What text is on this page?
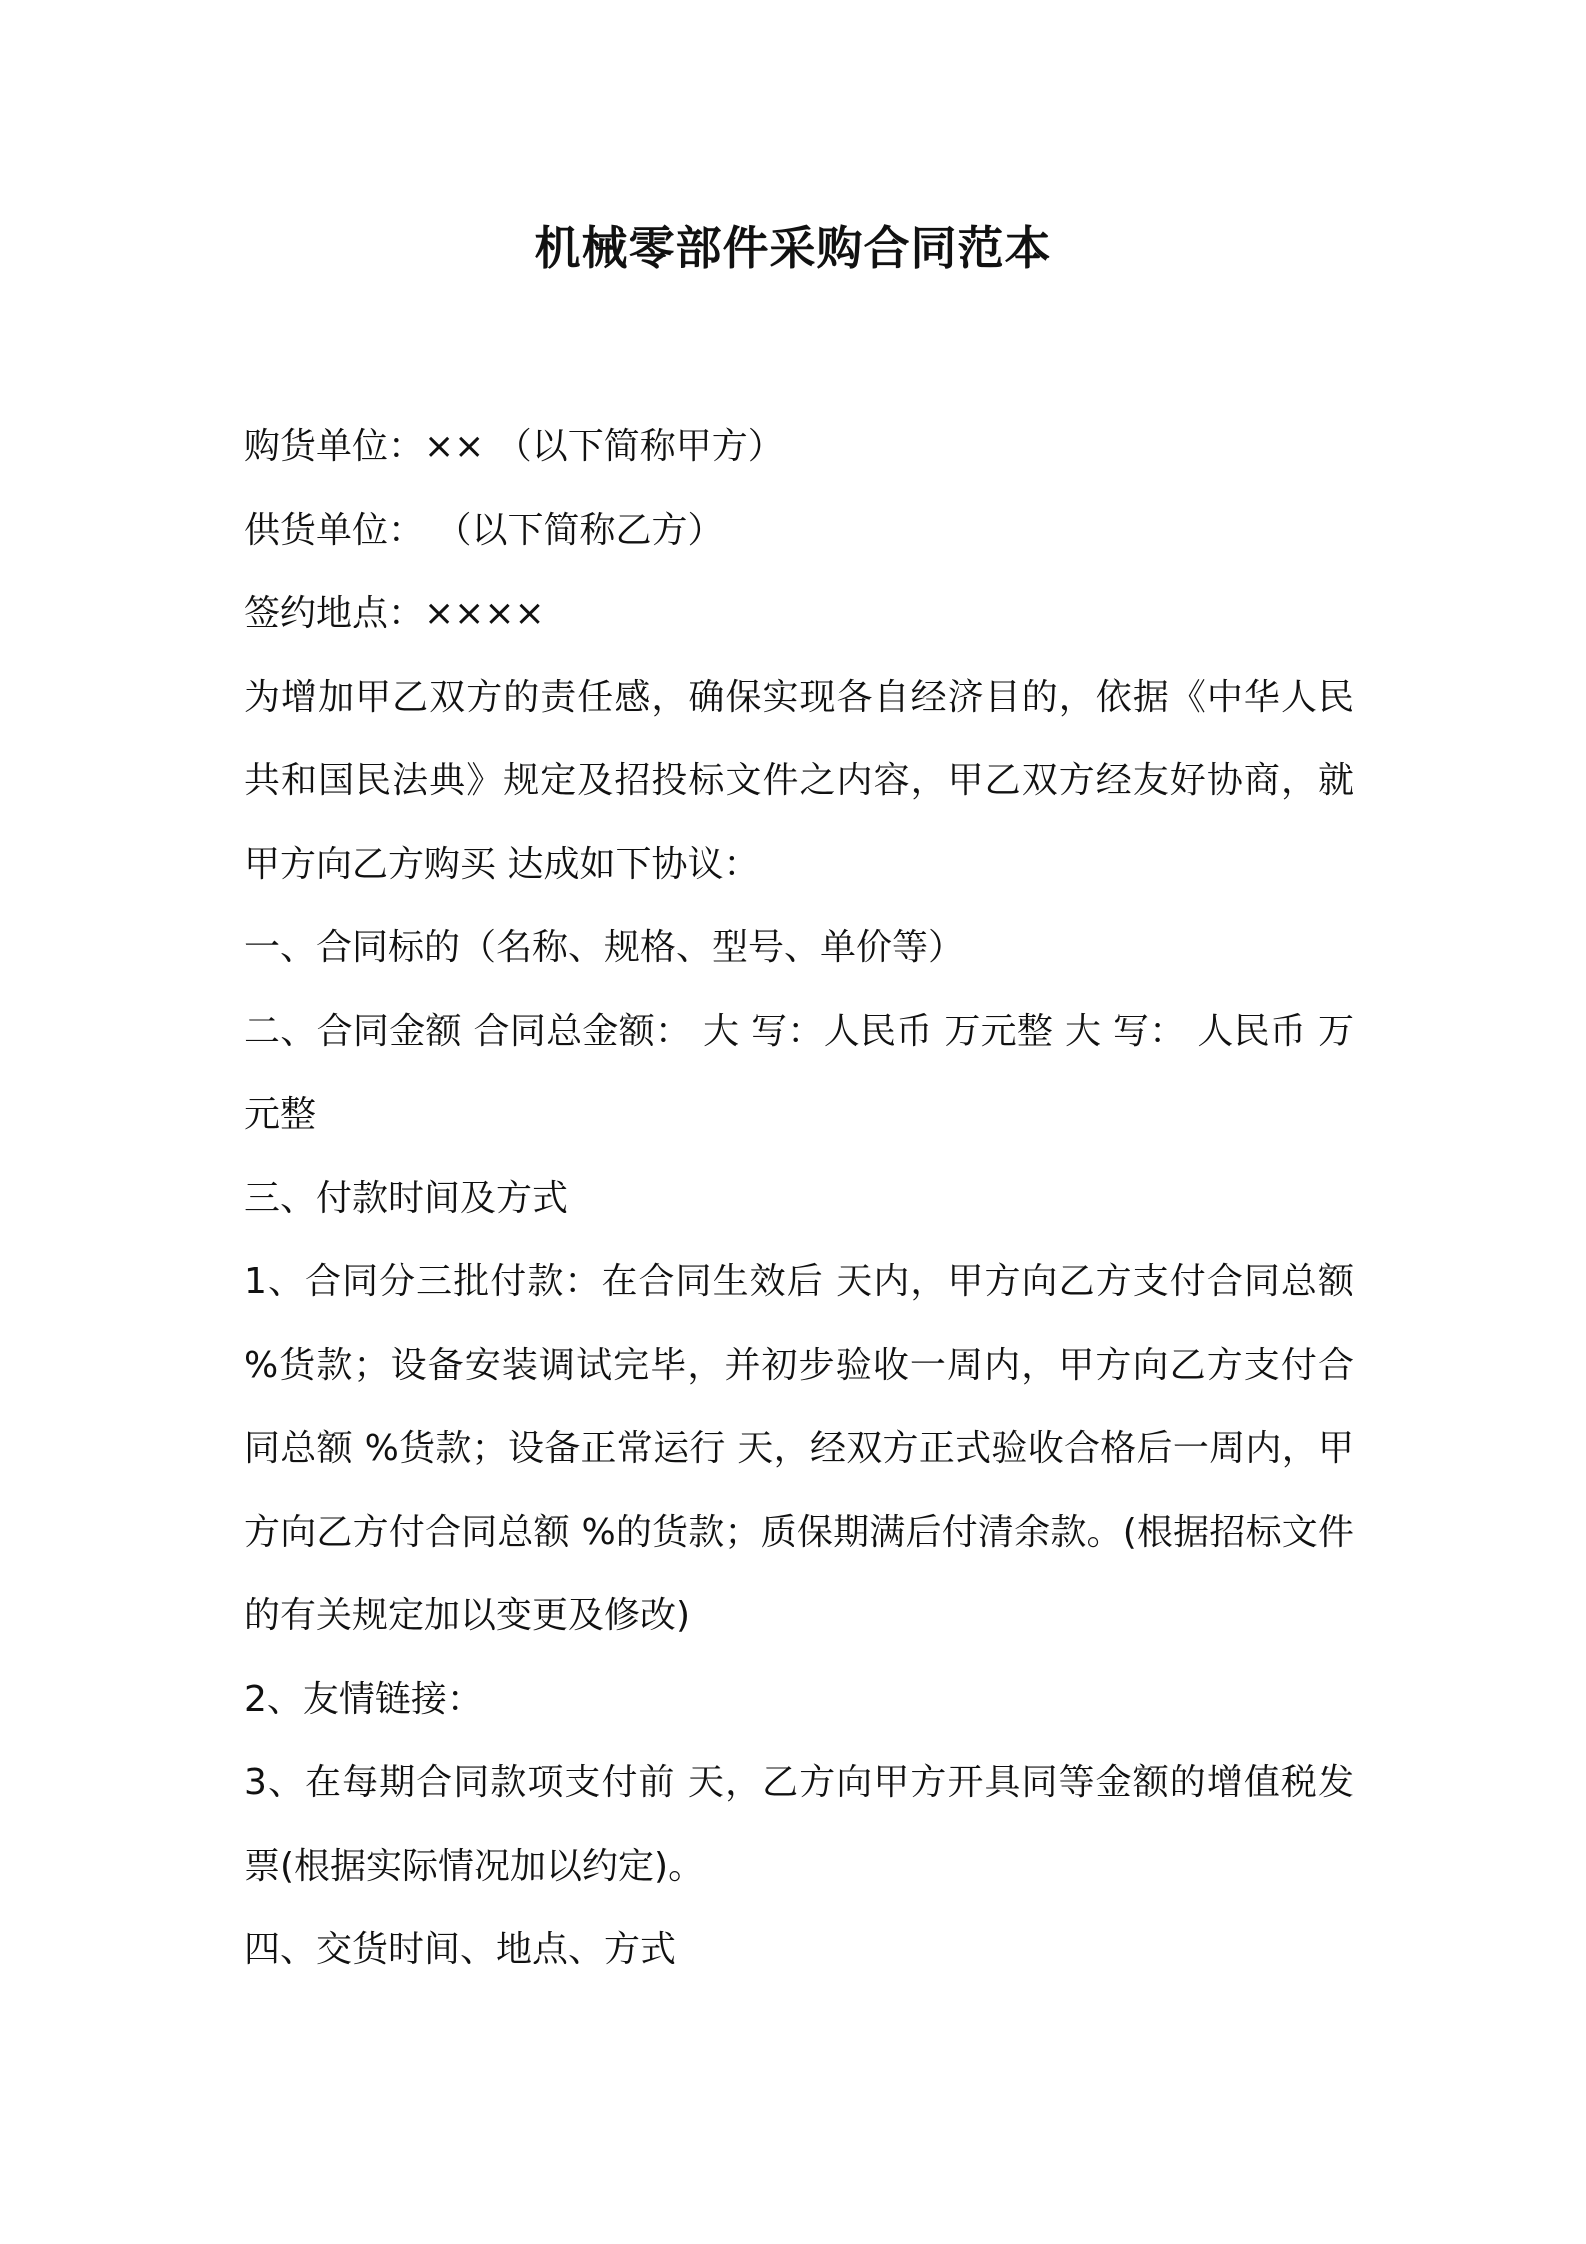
机械零部件采购合同范本

购货单位：×× （以下简称甲方）

供货单位： （以下简称乙方）

签约地点：××××

为增加甲乙双方的责任感，确保实现各自经济目的，依据《中华人民共和国民法典》规定及招投标文件之内容，甲乙双方经友好协商，就甲方向乙方购买 达成如下协议：

一、合同标的（名称、规格、型号、单价等）

二、合同金额 合同总金额： 大 写：人民币 万元整 大 写： 人民币 万元整

三、付款时间及方式

1、合同分三批付款：在合同生效后 天内，甲方向乙方支付合同总额 %货款；设备安装调试完毕，并初步验收一周内，甲方向乙方支付合同总额 %货款；设备正常运行 天，经双方正式验收合格后一周内，甲方向乙方付合同总额 %的货款；质保期满后付清余款。(根据招标文件的有关规定加以变更及修改)

2、友情链接：

3、在每期合同款项支付前 天，乙方向甲方开具同等金额的增值税发票(根据实际情况加以约定)。

四、交货时间、地点、方式
